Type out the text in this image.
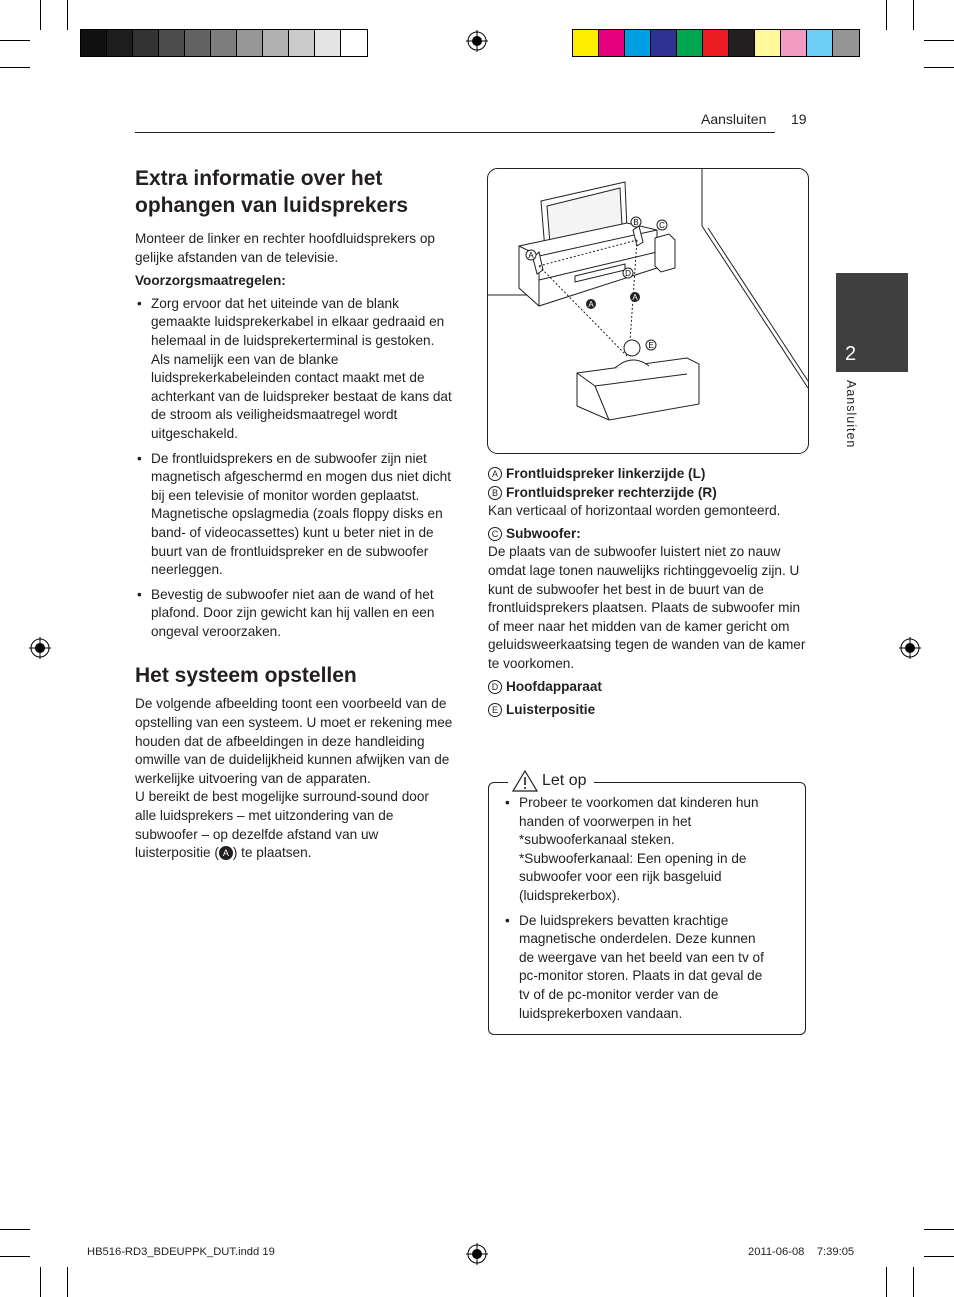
Aansluiten 19
2
Aansluiten
Extra informatie over het
ophangen van luidsprekers

Monteer de linker en rechter hoofdluidsprekers op gelijke afstanden van de televisie.

Voorzorgsmaatregelen:

• Zorg ervoor dat het uiteinde van de blank gemaakte luidsprekerkabel in elkaar gedraaid en helemaal in de luidsprekerterminal is gestoken. Als namelijk een van de blanke luidsprekerkabeleinden contact maakt met de achterkant van de luidspreker bestaat de kans dat de stroom als veiligheidsmaatregel wordt uitgeschakeld.
• De frontluidsprekers en de subwoofer zijn niet magnetisch afgeschermd en mogen dus niet dicht bij een televisie of monitor worden geplaatst. Magnetische opslagmedia (zoals floppy disks en band- of videocassettes) kunt u beter niet in de buurt van de frontluidspreker en de subwoofer neerleggen.
• Bevestig de subwoofer niet aan de wand of het plafond. Door zijn gewicht kan hij vallen en een ongeval veroorzaken.
Het systeem opstellen

De volgende afbeelding toont een voorbeeld van de opstelling van een systeem. U moet er rekening mee houden dat de afbeeldingen in deze handleiding omwille van de duidelijkheid kunnen afwijken van de werkelijke uitvoering van de apparaten.

U bereikt de best mogelijke surround-sound door alle luidsprekers – met uitzondering van de subwoofer – op dezelfde afstand van uw luisterpositie ( A ) te plaatsen.

A
B	C
D
E
A
A

A Frontluidspreker linkerzijde (L)

B Frontluidspreker rechterzijde (R)

Kan verticaal of horizontaal worden gemonteerd.

C Subwoofer:

De plaats van de subwoofer luistert niet zo nauw omdat lage tonen nauwelijks richtinggevoelig zijn. U kunt de subwoofer het best in de buurt van de frontluidsprekers plaatsen. Plaats de subwoofer min of meer naar het midden van de kamer gericht om geluidsweerkaatsing tegen de wanden van de kamer te voorkomen.

D Hoofdapparaat

E Luisterpositie

Let op
• Probeer te voorkomen dat kinderen hun handen of voorwerpen in het *subwooferkanaal steken. *Subwooferkanaal: Een opening in de subwoofer voor een rijk basgeluid (luidsprekerbox).
• De luidsprekers bevatten krachtige magnetische onderdelen. Deze kunnen de weergave van het beeld van een tv of pc-monitor storen. Plaats in dat geval de tv of de pc-monitor verder van de luidsprekerboxen vandaan.
HB516-RD3_BDEUPPK_DUT.indd 19	2011-06-08    7:39:05
